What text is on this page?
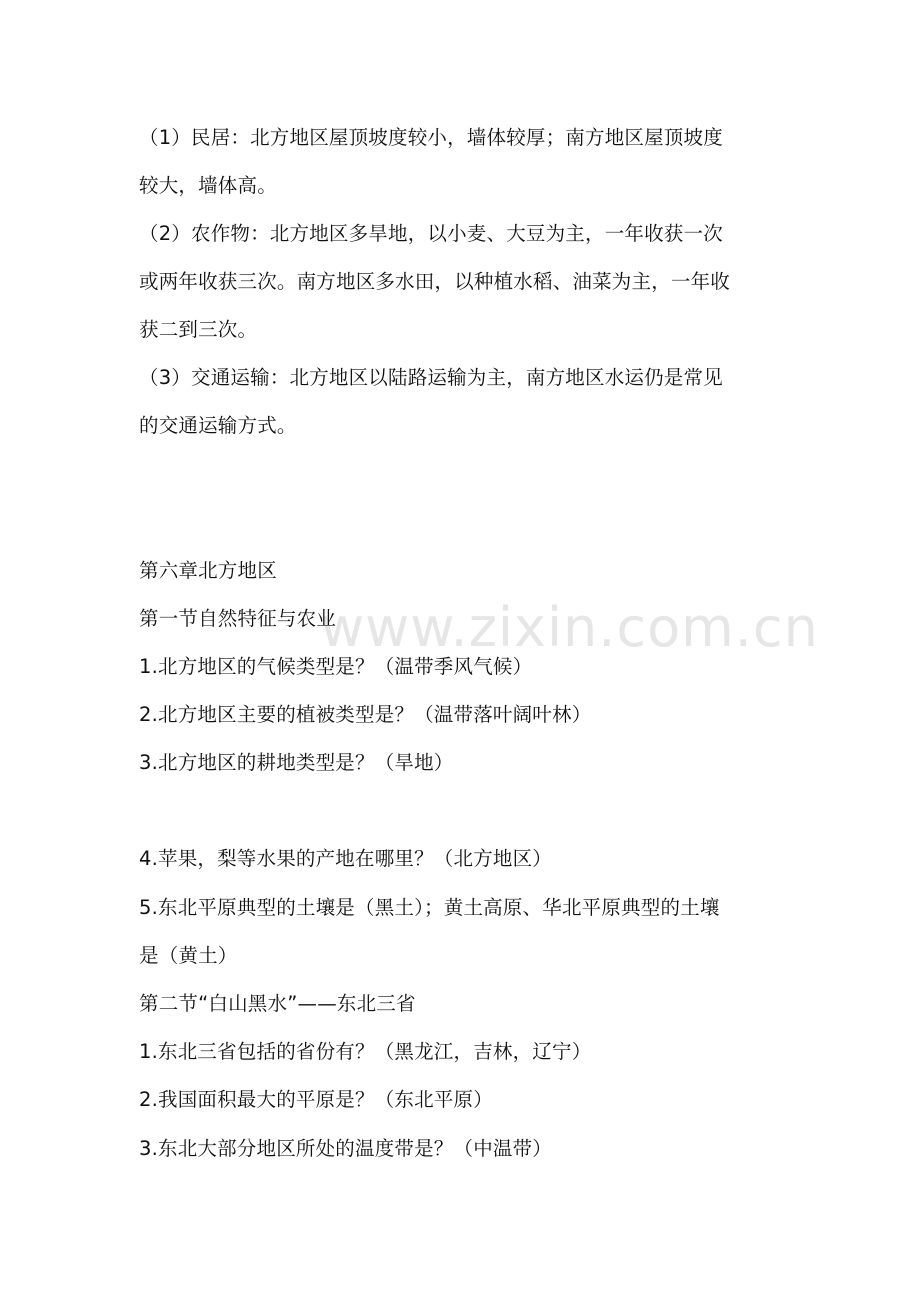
www.zixin.com.cn
（1）民居：北方地区屋顶坡度较小，墙体较厚；南方地区屋顶坡度
较大，墙体高。
（2）农作物：北方地区多旱地，以小麦、大豆为主，一年收获一次
或两年收获三次。南方地区多水田，以种植水稻、油菜为主，一年收
获二到三次。
（3）交通运输：北方地区以陆路运输为主，南方地区水运仍是常见
的交通运输方式。
第六章北方地区
第一节自然特征与农业
1.北方地区的气候类型是？（温带季风气候）
2.北方地区主要的植被类型是？（温带落叶阔叶林）
3.北方地区的耕地类型是？（旱地）
4.苹果，梨等水果的产地在哪里？（北方地区）
5.东北平原典型的土壤是（黑土）；黄土高原、华北平原典型的土壤
是（黄土）
第二节“白山黑水”——东北三省
1.东北三省包括的省份有？（黑龙江，吉林，辽宁）
2.我国面积最大的平原是？（东北平原）
3.东北大部分地区所处的温度带是？（中温带）
